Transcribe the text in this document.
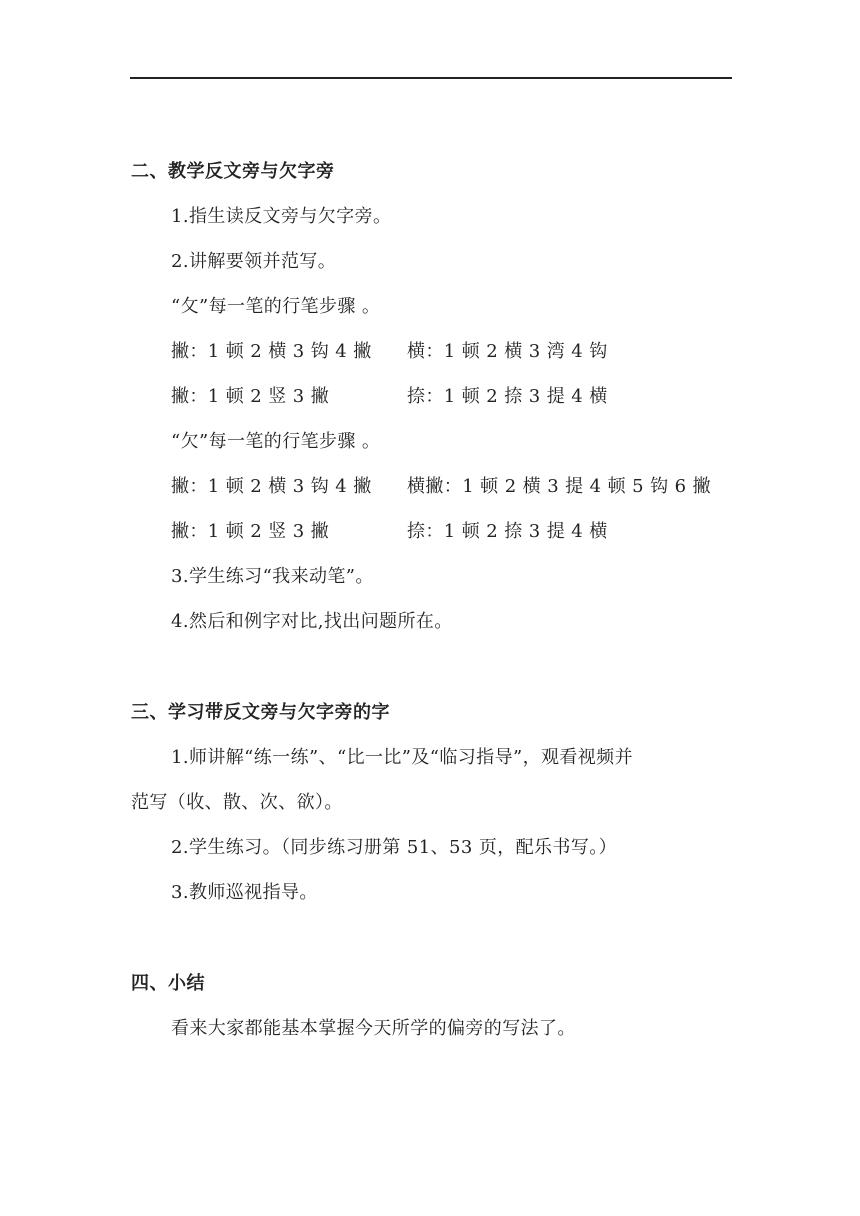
二、教学反文旁与欠字旁
1.指生读反文旁与欠字旁。
2.讲解要领并范写。
“攵”每一笔的行笔步骤 。
撇：1 顿 2 横 3 钩 4 撇 横：1 顿 2 横 3 湾 4 钩
撇：1 顿 2 竖 3 撇	捺：1 顿 2 捺 3 提 4 横
“欠”每一笔的行笔步骤 。
撇：1 顿 2 横 3 钩 4 撇 横撇：1 顿 2 横 3 提 4 顿 5 钩 6 撇
撇：1 顿 2 竖 3 撇	捺：1 顿 2 捺 3 提 4 横
3.学生练习“我来动笔”。
4.然后和例字对比,找出问题所在。
三、学习带反文旁与欠字旁的字
1.师讲解“练一练”、“比一比”及“临习指导”，观看视频并
范写（收、散、次、欲）。
2.学生练习。（同步练习册第 51、53 页，配乐书写。）
3.教师巡视指导。
四、小结
看来大家都能基本掌握今天所学的偏旁的写法了。
